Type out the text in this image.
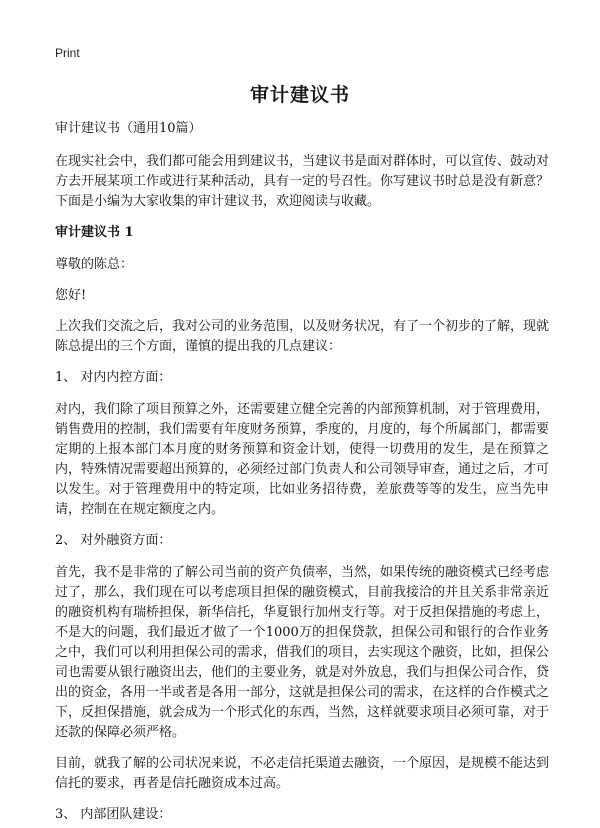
Print
审计建议书

审计建议书（通用10篇）

在现实社会中，我们都可能会用到建议书，当建议书是面对群体时，可以宣传、鼓动对方去开展某项工作或进行某种活动，具有一定的号召性。你写建议书时总是没有新意？下面是小编为大家收集的审计建议书，欢迎阅读与收藏。

审计建议书 1

尊敬的陈总：

您好!

上次我们交流之后，我对公司的业务范围，以及财务状况，有了一个初步的了解，现就陈总提出的三个方面，谨慎的提出我的几点建议：

1、 对内内控方面：

对内，我们除了项目预算之外，还需要建立健全完善的内部预算机制，对于管理费用，销售费用的控制，我们需要有年度财务预算，季度的，月度的，每个所属部门，都需要定期的上报本部门本月度的财务预算和资金计划，使得一切费用的发生，是在预算之内，特殊情况需要超出预算的，必须经过部门负责人和公司领导审查，通过之后，才可以发生。对于管理费用中的特定项，比如业务招待费，差旅费等等的发生，应当先申请，控制在在规定额度之内。

2、 对外融资方面：

首先，我不是非常的了解公司当前的资产负债率，当然，如果传统的融资模式已经考虑过了，那么，我们现在可以考虑项目担保的融资模式，目前我接洽的并且关系非常亲近的融资机构有瑞桥担保，新华信托，华夏银行加州支行等。对于反担保措施的考虑上，不是大的问题，我们最近才做了一个1000万的担保贷款，担保公司和银行的合作业务之中，我们可以利用担保公司的需求，借我们的项目，去实现这个融资，比如，担保公司也需要从银行融资出去，他们的主要业务，就是对外放息，我们与担保公司合作，贷出的资金，各用一半或者是各用一部分，这就是担保公司的需求，在这样的合作模式之下，反担保措施，就会成为一个形式化的东西，当然，这样就要求项目必须可靠，对于还款的保障必须严格。

目前，就我了解的公司状况来说，不必走信托渠道去融资，一个原因，是规模不能达到信托的要求，再者是信托融资成本过高。

3、 内部团队建设：
